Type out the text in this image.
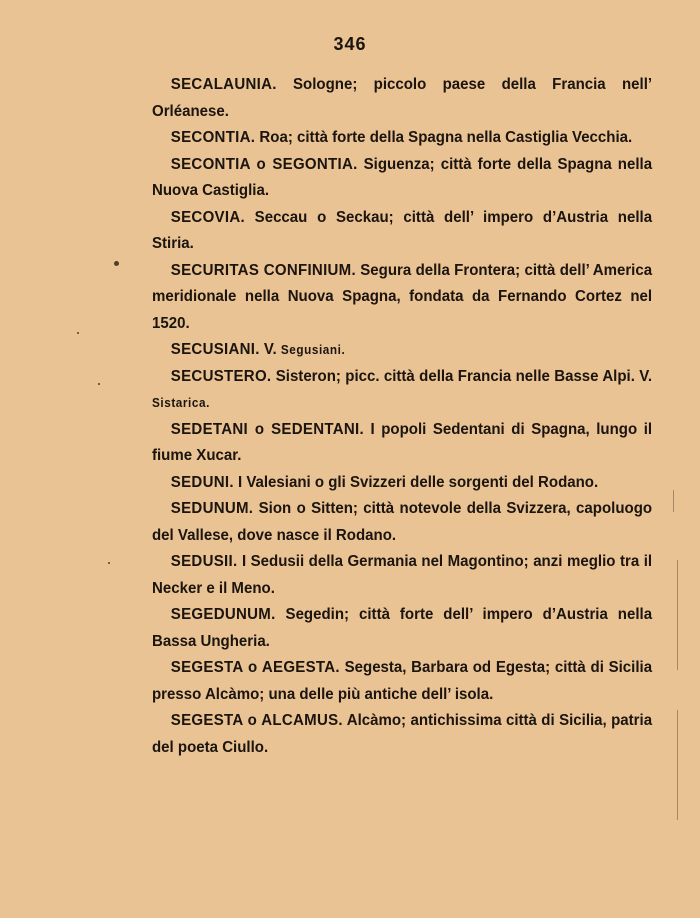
346

SECALAUNIA. Sologne; piccolo paese della Francia nell’ Orléanese.

SECONTIA. Roa; città forte della Spagna nella Castiglia Vecchia.

SECONTIA o SEGONTIA. Siguenza; città forte della Spagna nella Nuova Castiglia.

SECOVIA. Seccau o Seckau; città dell’ impero d’Austria nella Stiria.

SECURITAS CONFINIUM. Segura della Frontera; città dell’ America meridionale nella Nuova Spagna, fondata da Fernando Cortez nel 1520.

SECUSIANI. V. Segusiani.

SECUSTERO. Sisteron; picc. città della Francia nelle Basse Alpi. V. Sistarica.

SEDETANI o SEDENTANI. I popoli Sedentani di Spagna, lungo il fiume Xucar.

SEDUNI. I Valesiani o gli Svizzeri delle sorgenti del Rodano.

SEDUNUM. Sion o Sitten; città notevole della Svizzera, capoluogo del Vallese, dove nasce il Rodano.

SEDUSII. I Sedusii della Germania nel Magontino; anzi meglio tra il Necker e il Meno.

SEGEDUNUM. Segedin; città forte dell’ impero d’Austria nella Bassa Ungheria.

SEGESTA o AEGESTA. Segesta, Barbara od Egesta; città di Sicilia presso Alcàmo; una delle più antiche dell’ isola.

SEGESTA o ALCAMUS. Alcàmo; antichissima città di Sicilia, patria del poeta Ciullo.
